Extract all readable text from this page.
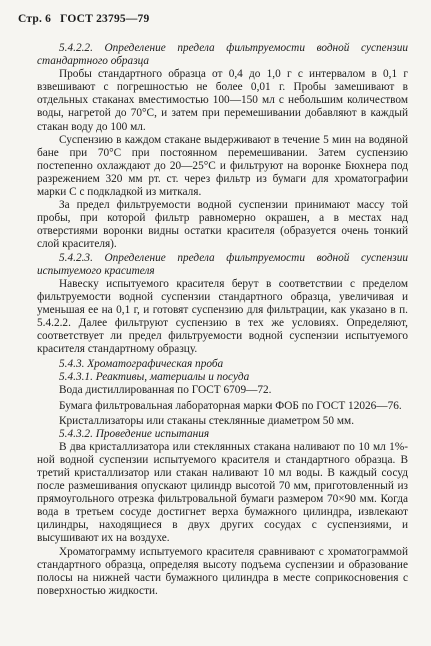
Стр. 6 ГОСТ 23795—79

5.4.2.2. Определение предела фильтруемости водной суспензии стандартного образца

Пробы стандартного образца от 0,4 до 1,0 г с интервалом в 0,1 г взвешивают с погрешностью не более 0,01 г. Пробы замешивают в отдельных стаканах вместимостью 100—150 мл с небольшим количеством воды, нагретой до 70°С, и затем при перемешивании добавляют в каждый стакан воду до 100 мл.

Суспензию в каждом стакане выдерживают в течение 5 мин на водяной бане при 70°С при постоянном перемешивании. Затем суспензию постепенно охлаждают до 20—25°С и фильтруют на воронке Бюхнера под разрежением 320 мм рт. ст. через фильтр из бумаги для хроматографии марки С с подкладкой из миткаля.

За предел фильтруемости водной суспензии принимают массу той пробы, при которой фильтр равномерно окрашен, а в местах над отверстиями воронки видны остатки красителя (образуется очень тонкий слой красителя).

5.4.2.3. Определение предела фильтруемости водной суспензии испытуемого красителя

Навеску испытуемого красителя берут в соответствии с пределом фильтруемости водной суспензии стандартного образца, увеличивая и уменьшая ее на 0,1 г, и готовят суспензию для фильтрации, как указано в п. 5.4.2.2. Далее фильтруют суспензию в тех же условиях. Определяют, соответствует ли предел фильтруемости водной суспензии испытуемого красителя стандартному образцу.

5.4.3. Хроматографическая проба

5.4.3.1. Реактивы, материалы и посуда

Вода дистиллированная по ГОСТ 6709—72.

Бумага фильтровальная лабораторная марки ФОБ по ГОСТ 12026—76.

Кристаллизаторы или стаканы стеклянные диаметром 50 мм.

5.4.3.2. Проведение испытания

В два кристаллизатора или стеклянных стакана наливают по 10 мл 1%-ной водной суспензии испытуемого красителя и стандартного образца. В третий кристаллизатор или стакан наливают 10 мл воды. В каждый сосуд после размешивания опускают цилиндр высотой 70 мм, приготовленный из прямоугольного отрезка фильтровальной бумаги размером 70×90 мм. Когда вода в третьем сосуде достигнет верха бумажного цилиндра, извлекают цилиндры, находящиеся в двух других сосудах с суспензиями, и высушивают их на воздухе.

Хроматограмму испытуемого красителя сравнивают с хроматограммой стандартного образца, определяя высоту подъема суспензии и образование полосы на нижней части бумажного цилиндра в месте соприкосновения с поверхностью жидкости.
